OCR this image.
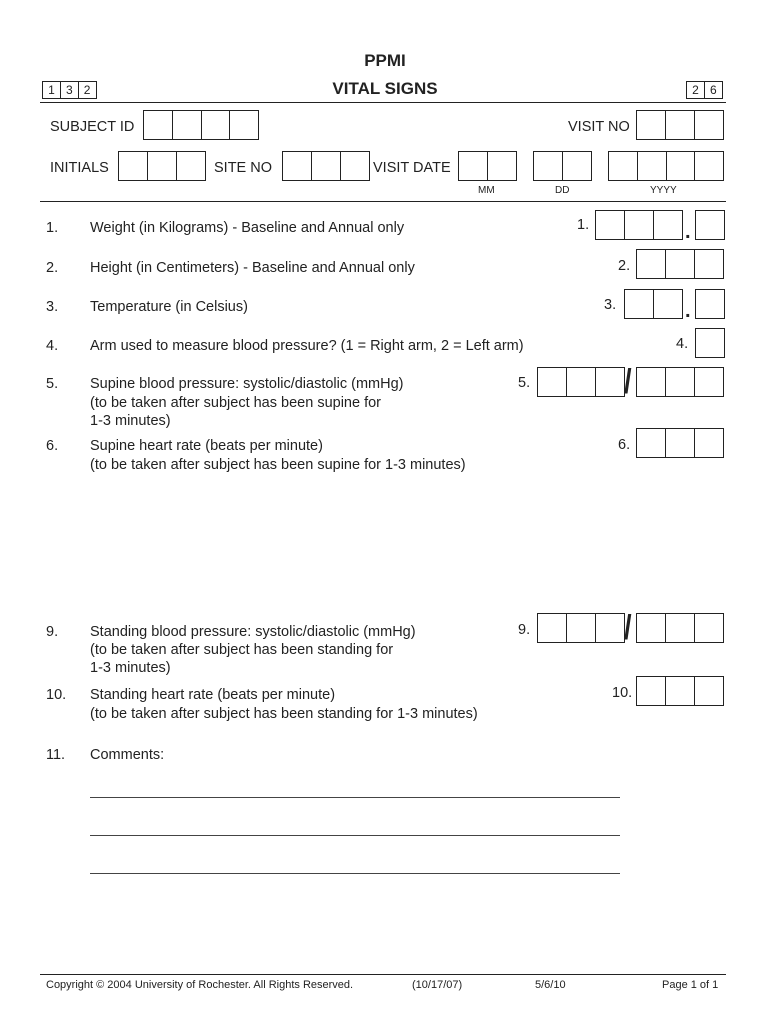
PPMI
VITAL SIGNS
1 3 2	2 6
SUBJECT ID	VISIT NO
INITIALS	SITE NO	VISIT DATE
MM	DD	YYYY
1. Weight (in Kilograms) - Baseline and Annual only	1.	.
2. Height (in Centimeters) - Baseline and Annual only	2.
3. Temperature (in Celsius)	3.	.
4. Arm used to measure blood pressure? (1 = Right arm, 2 = Left arm)	4.
5. Supine blood pressure: systolic/diastolic (mmHg)
(to be taken after subject has been supine for
1-3 minutes)
5.	/
6. Supine heart rate (beats per minute)
(to be taken after subject has been supine for 1-3 minutes)
6.
9. Standing blood pressure: systolic/diastolic (mmHg)
(to be taken after subject has been standing for
1-3 minutes)
9.	/
10. Standing heart rate (beats per minute)
(to be taken after subject has been standing for 1-3 minutes)
10.
11. Comments:
Copyright © 2004 University of Rochester. All Rights Reserved.	(10/17/07)	5/6/10	Page 1 of 1
